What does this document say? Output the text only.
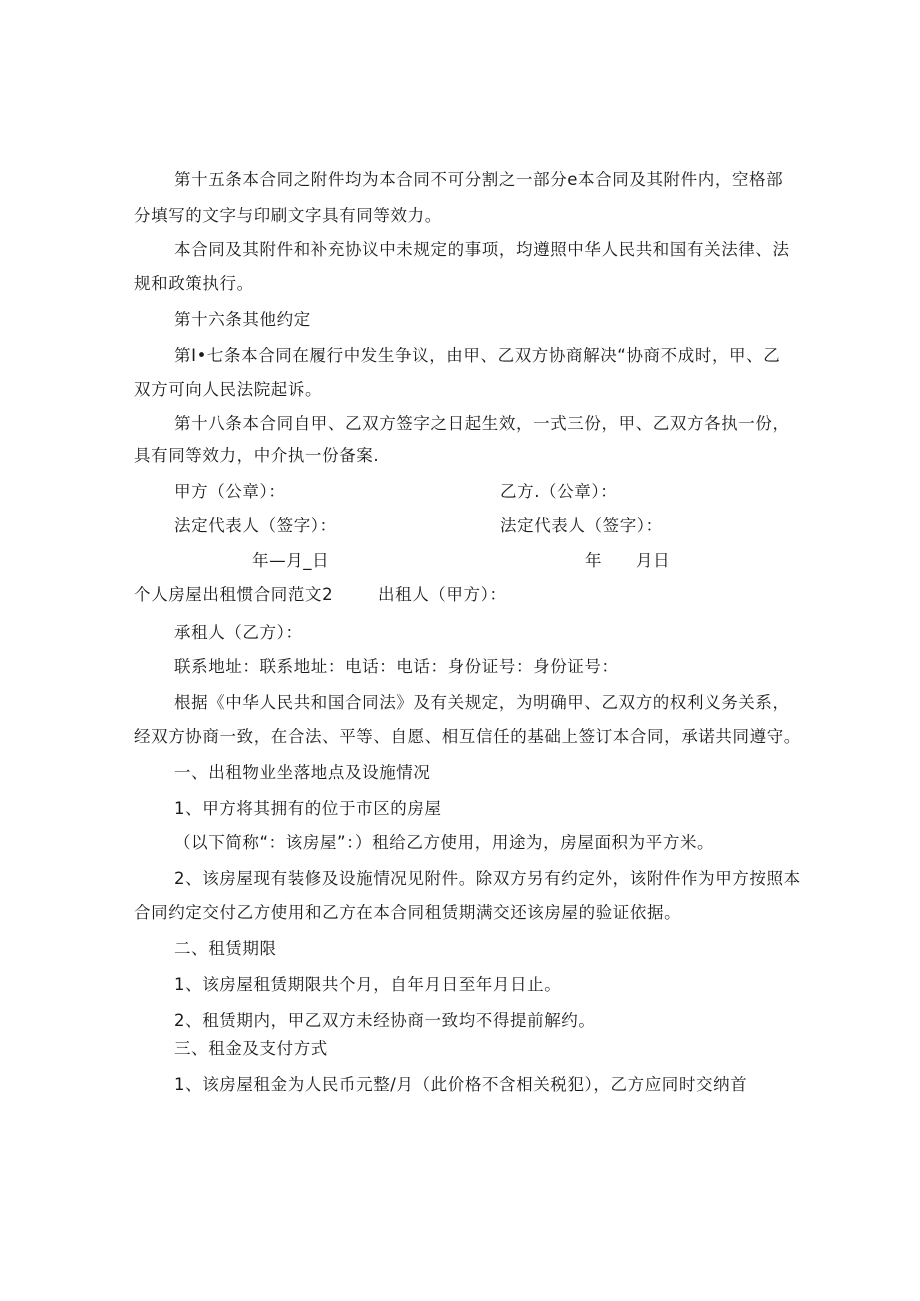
第十五条本合同之附件均为本合同不可分割之一部分e本合同及其附件内，空格部
分填写的文字与印刷文字具有同等效力。
本合同及其附件和补充协议中未规定的事项，均遵照中华人民共和国有关法律、法
规和政策执行。
第十六条其他约定
第I•七条本合同在履行中发生争议，由甲、乙双方协商解决“协商不成时，甲、乙
双方可向人民法院起诉。
第十八条本合同自甲、乙双方签字之日起生效，一式三份，甲、乙双方各执一份，
具有同等效力，中介执一份备案.
甲方（公章）：	乙方.（公章）：
法定代表人（签字）：	法定代表人（签字）：
年—月_日	年 月日
个人房屋出租惯合同范文2	出租人（甲方）：
承租人（乙方）：
联系地址：联系地址：电话：电话：身份证号：身份证号：
根据《中华人民共和国合同法》及有关规定，为明确甲、乙双方的权利义务关系，
经双方协商一致，在合法、平等、自愿、相互信任的基础上签订本合同，承诺共同遵守。
一、出租物业坐落地点及设施情况
1、甲方将其拥有的位于市区的房屋
（以下简称“：该房屋”：）租给乙方使用，用途为，房屋面积为平方米。
2、该房屋现有装修及设施情况见附件。除双方另有约定外，该附件作为甲方按照本
合同约定交付乙方使用和乙方在本合同租赁期满交还该房屋的验证依据。
二、租赁期限
1、该房屋租赁期限共个月，自年月日至年月日止。
2、租赁期内，甲乙双方未经协商一致均不得提前解约。
三、租金及支付方式
1、该房屋租金为人民币元整/月（此价格不含相关税犯），乙方应同时交纳首
